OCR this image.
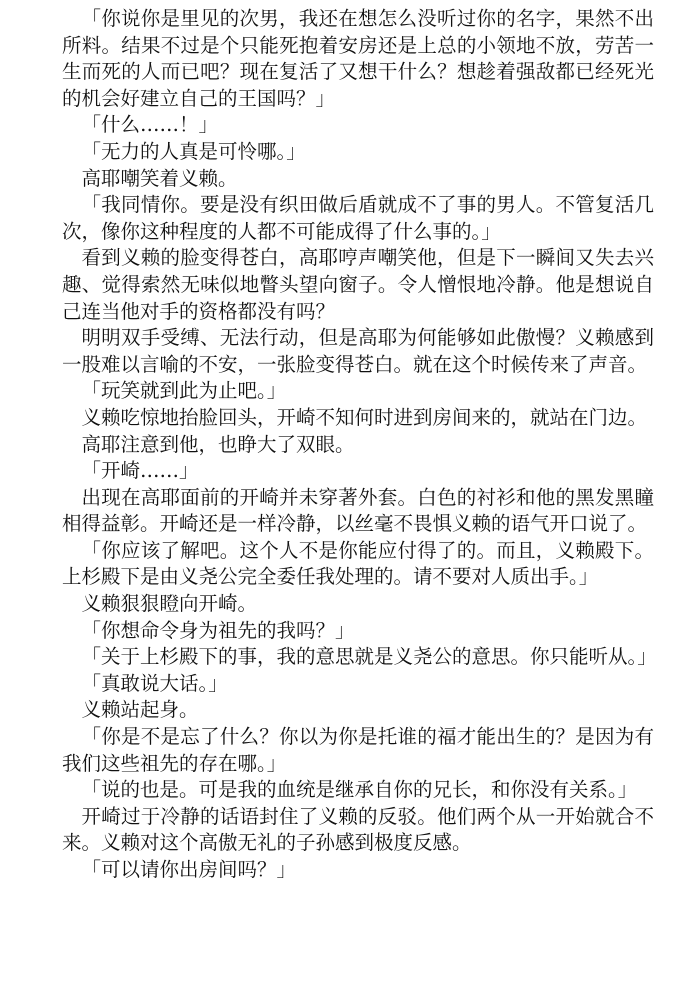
「你说你是里见的次男，我还在想怎么没听过你的名字，果然不出所料。结果不过是个只能死抱着安房还是上总的小领地不放，劳苦一生而死的人而已吧？现在复活了又想干什么？想趁着强敌都已经死光的机会好建立自己的王国吗？」

「什么……！」

「无力的人真是可怜哪。」

高耶嘲笑着义赖。

「我同情你。要是没有织田做后盾就成不了事的男人。不管复活几次，像你这种程度的人都不可能成得了什么事的。」

看到义赖的脸变得苍白，高耶哼声嘲笑他，但是下一瞬间又失去兴趣、觉得索然无味似地瞥头望向窗子。令人憎恨地冷静。他是想说自己连当他对手的资格都没有吗？

明明双手受缚、无法行动，但是高耶为何能够如此傲慢？义赖感到一股难以言喻的不安，一张脸变得苍白。就在这个时候传来了声音。

「玩笑就到此为止吧。」

义赖吃惊地抬脸回头，开崎不知何时进到房间来的，就站在门边。

高耶注意到他，也睁大了双眼。

「开崎……」

出现在高耶面前的开崎并未穿著外套。白色的衬衫和他的黑发黑瞳相得益彰。开崎还是一样冷静，以丝毫不畏惧义赖的语气开口说了。

「你应该了解吧。这个人不是你能应付得了的。而且，义赖殿下。上杉殿下是由义尧公完全委任我处理的。请不要对人质出手。」

义赖狠狠瞪向开崎。

「你想命令身为祖先的我吗？」

「关于上杉殿下的事，我的意思就是义尧公的意思。你只能听从。」

「真敢说大话。」

义赖站起身。

「你是不是忘了什么？你以为你是托谁的福才能出生的？是因为有我们这些祖先的存在哪。」

「说的也是。可是我的血统是继承自你的兄长，和你没有关系。」

开崎过于冷静的话语封住了义赖的反驳。他们两个从一开始就合不来。义赖对这个高傲无礼的子孙感到极度反感。

「可以请你出房间吗？」
